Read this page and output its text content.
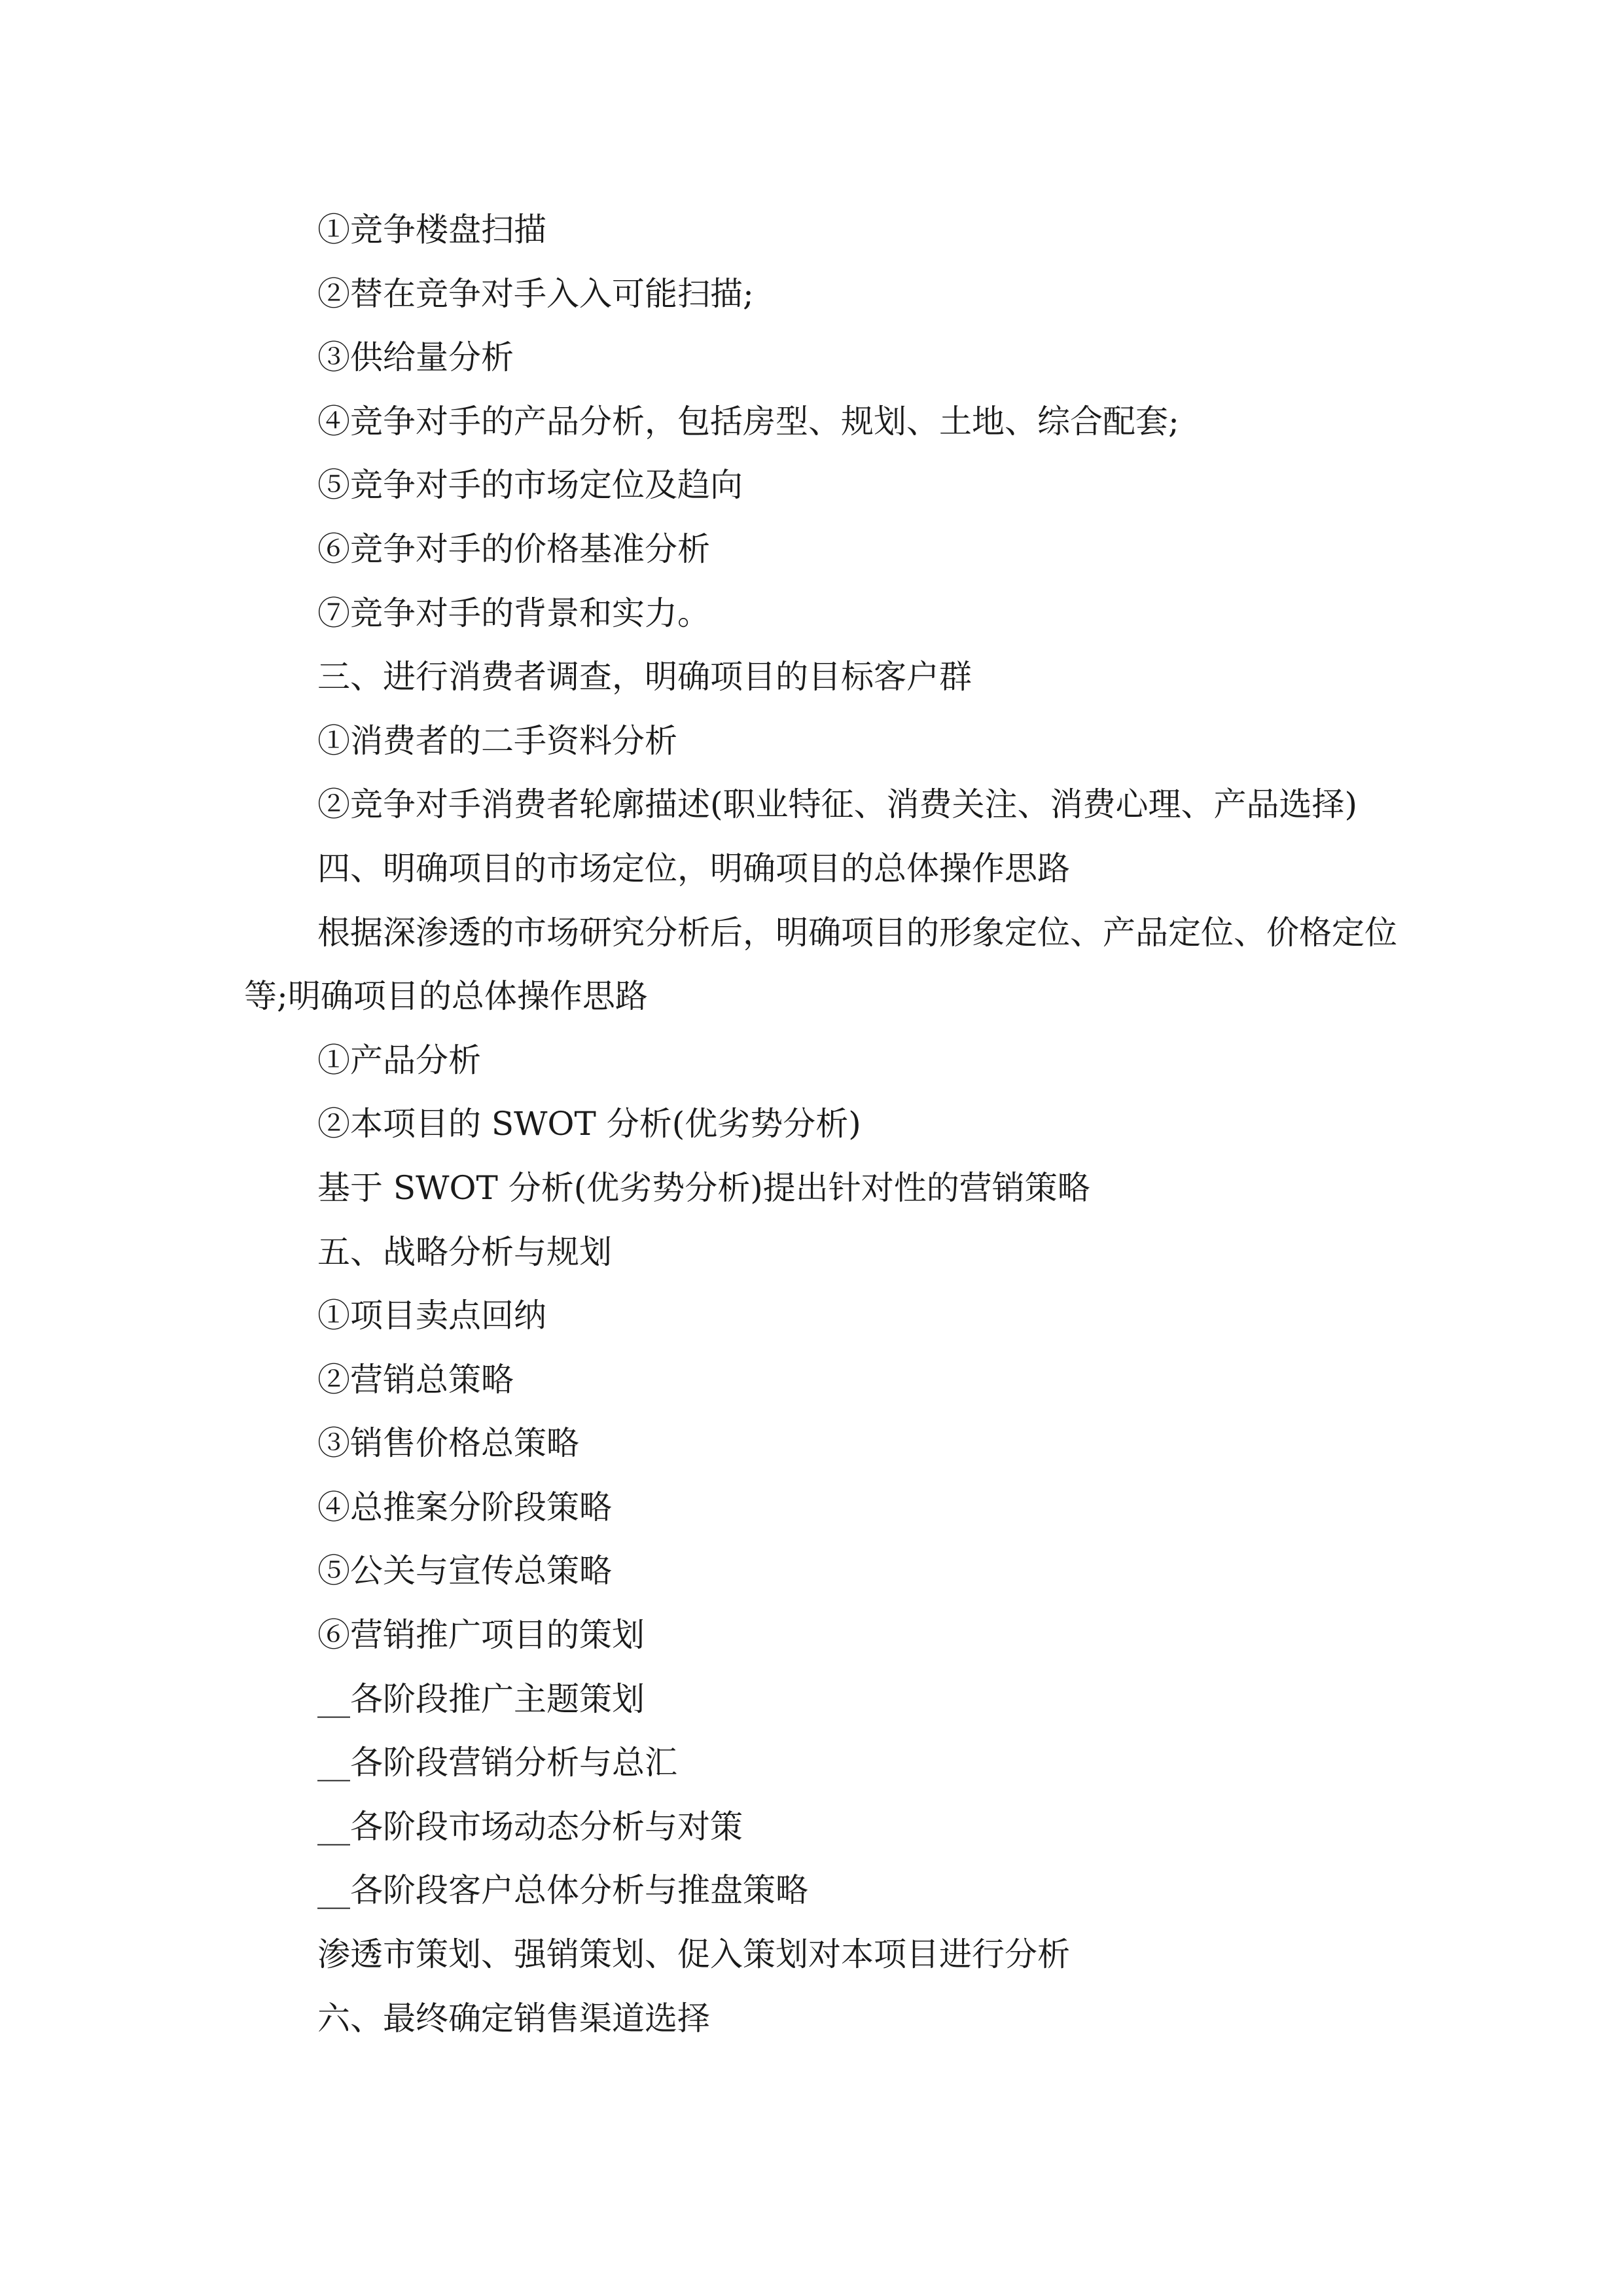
①竞争楼盘扫描

②替在竞争对手入入可能扫描;

③供给量分析

④竞争对手的产品分析，包括房型、规划、土地、综合配套;

⑤竞争对手的市场定位及趋向

⑥竞争对手的价格基准分析

⑦竞争对手的背景和实力。

三、进行消费者调查，明确项目的目标客户群

①消费者的二手资料分析

②竞争对手消费者轮廓描述(职业特征、消费关注、消费心理、产品选择)

四、明确项目的市场定位，明确项目的总体操作思路

根据深渗透的市场研究分析后，明确项目的形象定位、产品定位、价格定位

等;明确项目的总体操作思路

①产品分析

②本项目的 SWOT 分析(优劣势分析)

基于 SWOT 分析(优劣势分析)提出针对性的营销策略

五、战略分析与规划

①项目卖点回纳

②营销总策略

③销售价格总策略

④总推案分阶段策略

⑤公关与宣传总策略

⑥营销推广项目的策划

__各阶段推广主题策划

__各阶段营销分析与总汇

__各阶段市场动态分析与对策

__各阶段客户总体分析与推盘策略

渗透市策划、强销策划、促入策划对本项目进行分析

六、最终确定销售渠道选择
